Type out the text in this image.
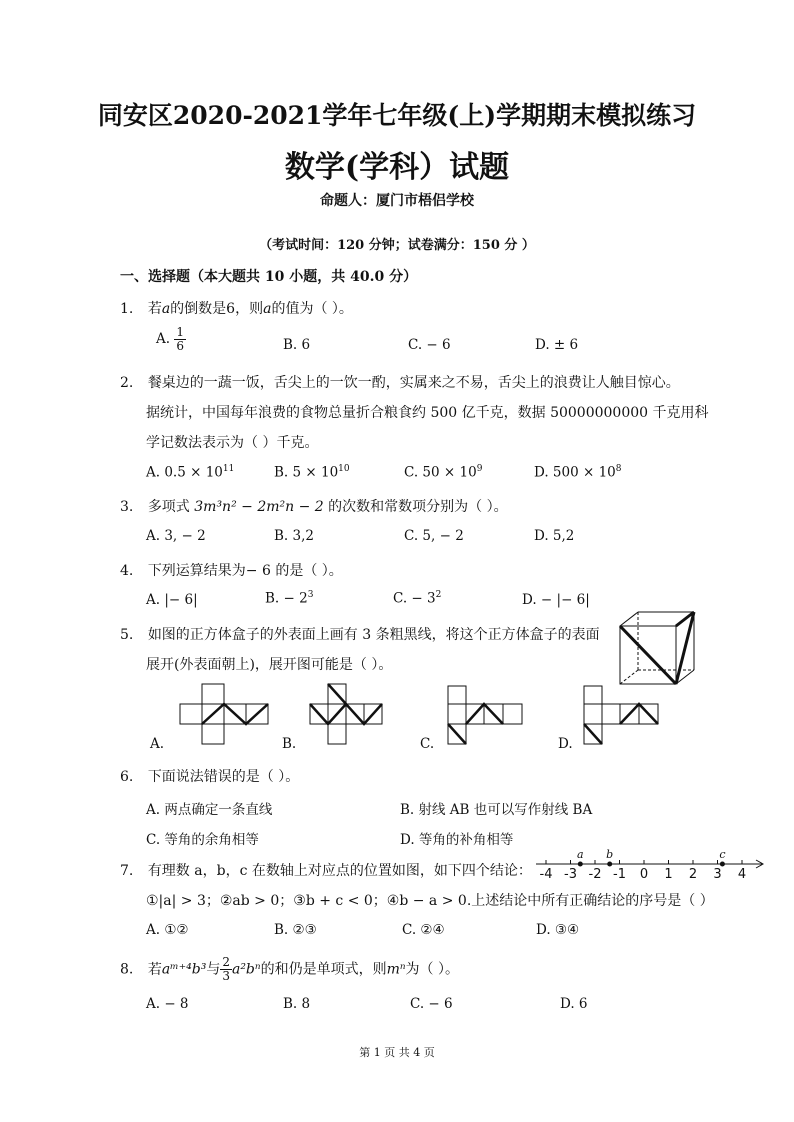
同安区2020-2021学年七年级(上)学期期末模拟练习
数学(学科）试题
命题人：厦门市梧侣学校
（考试时间：120 分钟；试卷满分：150 分 ）
一、选择题（本大题共 10 小题，共 40.0 分）
1. 若a的倒数是6，则a的值为（ ）。
A. $\frac{1}{6}$	B. 6	C. − 6	D. ± 6
2. 餐桌边的一蔬一饭，舌尖上的一饮一酌，实属来之不易，舌尖上的浪费让人触目惊心。
据统计，中国每年浪费的食物总量折合粮食约 500 亿千克，数据 50000000000 千克用科
学记数法表示为（ ）千克。
A. $0.5 \times 10^{11}$	B. $5 \times 10^{10}$	C. $50 \times 10^9$	D. $500 \times 10^8$
3. 多项式 3m³n² − 2m²n − 2 的次数和常数项分别为（ ）。
A. 3, − 2	B. 3,2	C. 5, − 2	D. 5,2
4. 下列运算结果为− 6 的是（ ）。
A. |− 6|	B. − $2^3$	C. − $3^2$	D. − |− 6|
5. 如图的正方体盒子的外表面上画有 3 条粗黑线，将这个正方体盒子的表面
展开(外表面朝上)，展开图可能是（ ）。
A.	B.	C.	D.
6. 下面说法错误的是（ ）。
A. 两点确定一条直线	B. 射线 AB 也可以写作射线 BA
C. 等角的余角相等	D. 等角的补角相等
7. 有理数 a，b，c 在数轴上对应点的位置如图，如下四个结论：
①|a| > 3；②ab > 0；③b + c < 0；④b − a > 0.上述结论中所有正确结论的序号是（ ）
-4 -3 -2 -1 0 1 2 3 4
a b	c
A. ①②	B. ②③	C. ②④	D. ③④
8. 若aᵐ⁺⁴b³与 $\frac{2}{3} a^2b^n$的和仍是单项式，则mⁿ为（ ）。
A. − 8	B. 8	C. − 6	D. 6
第 1 页 共 4 页
